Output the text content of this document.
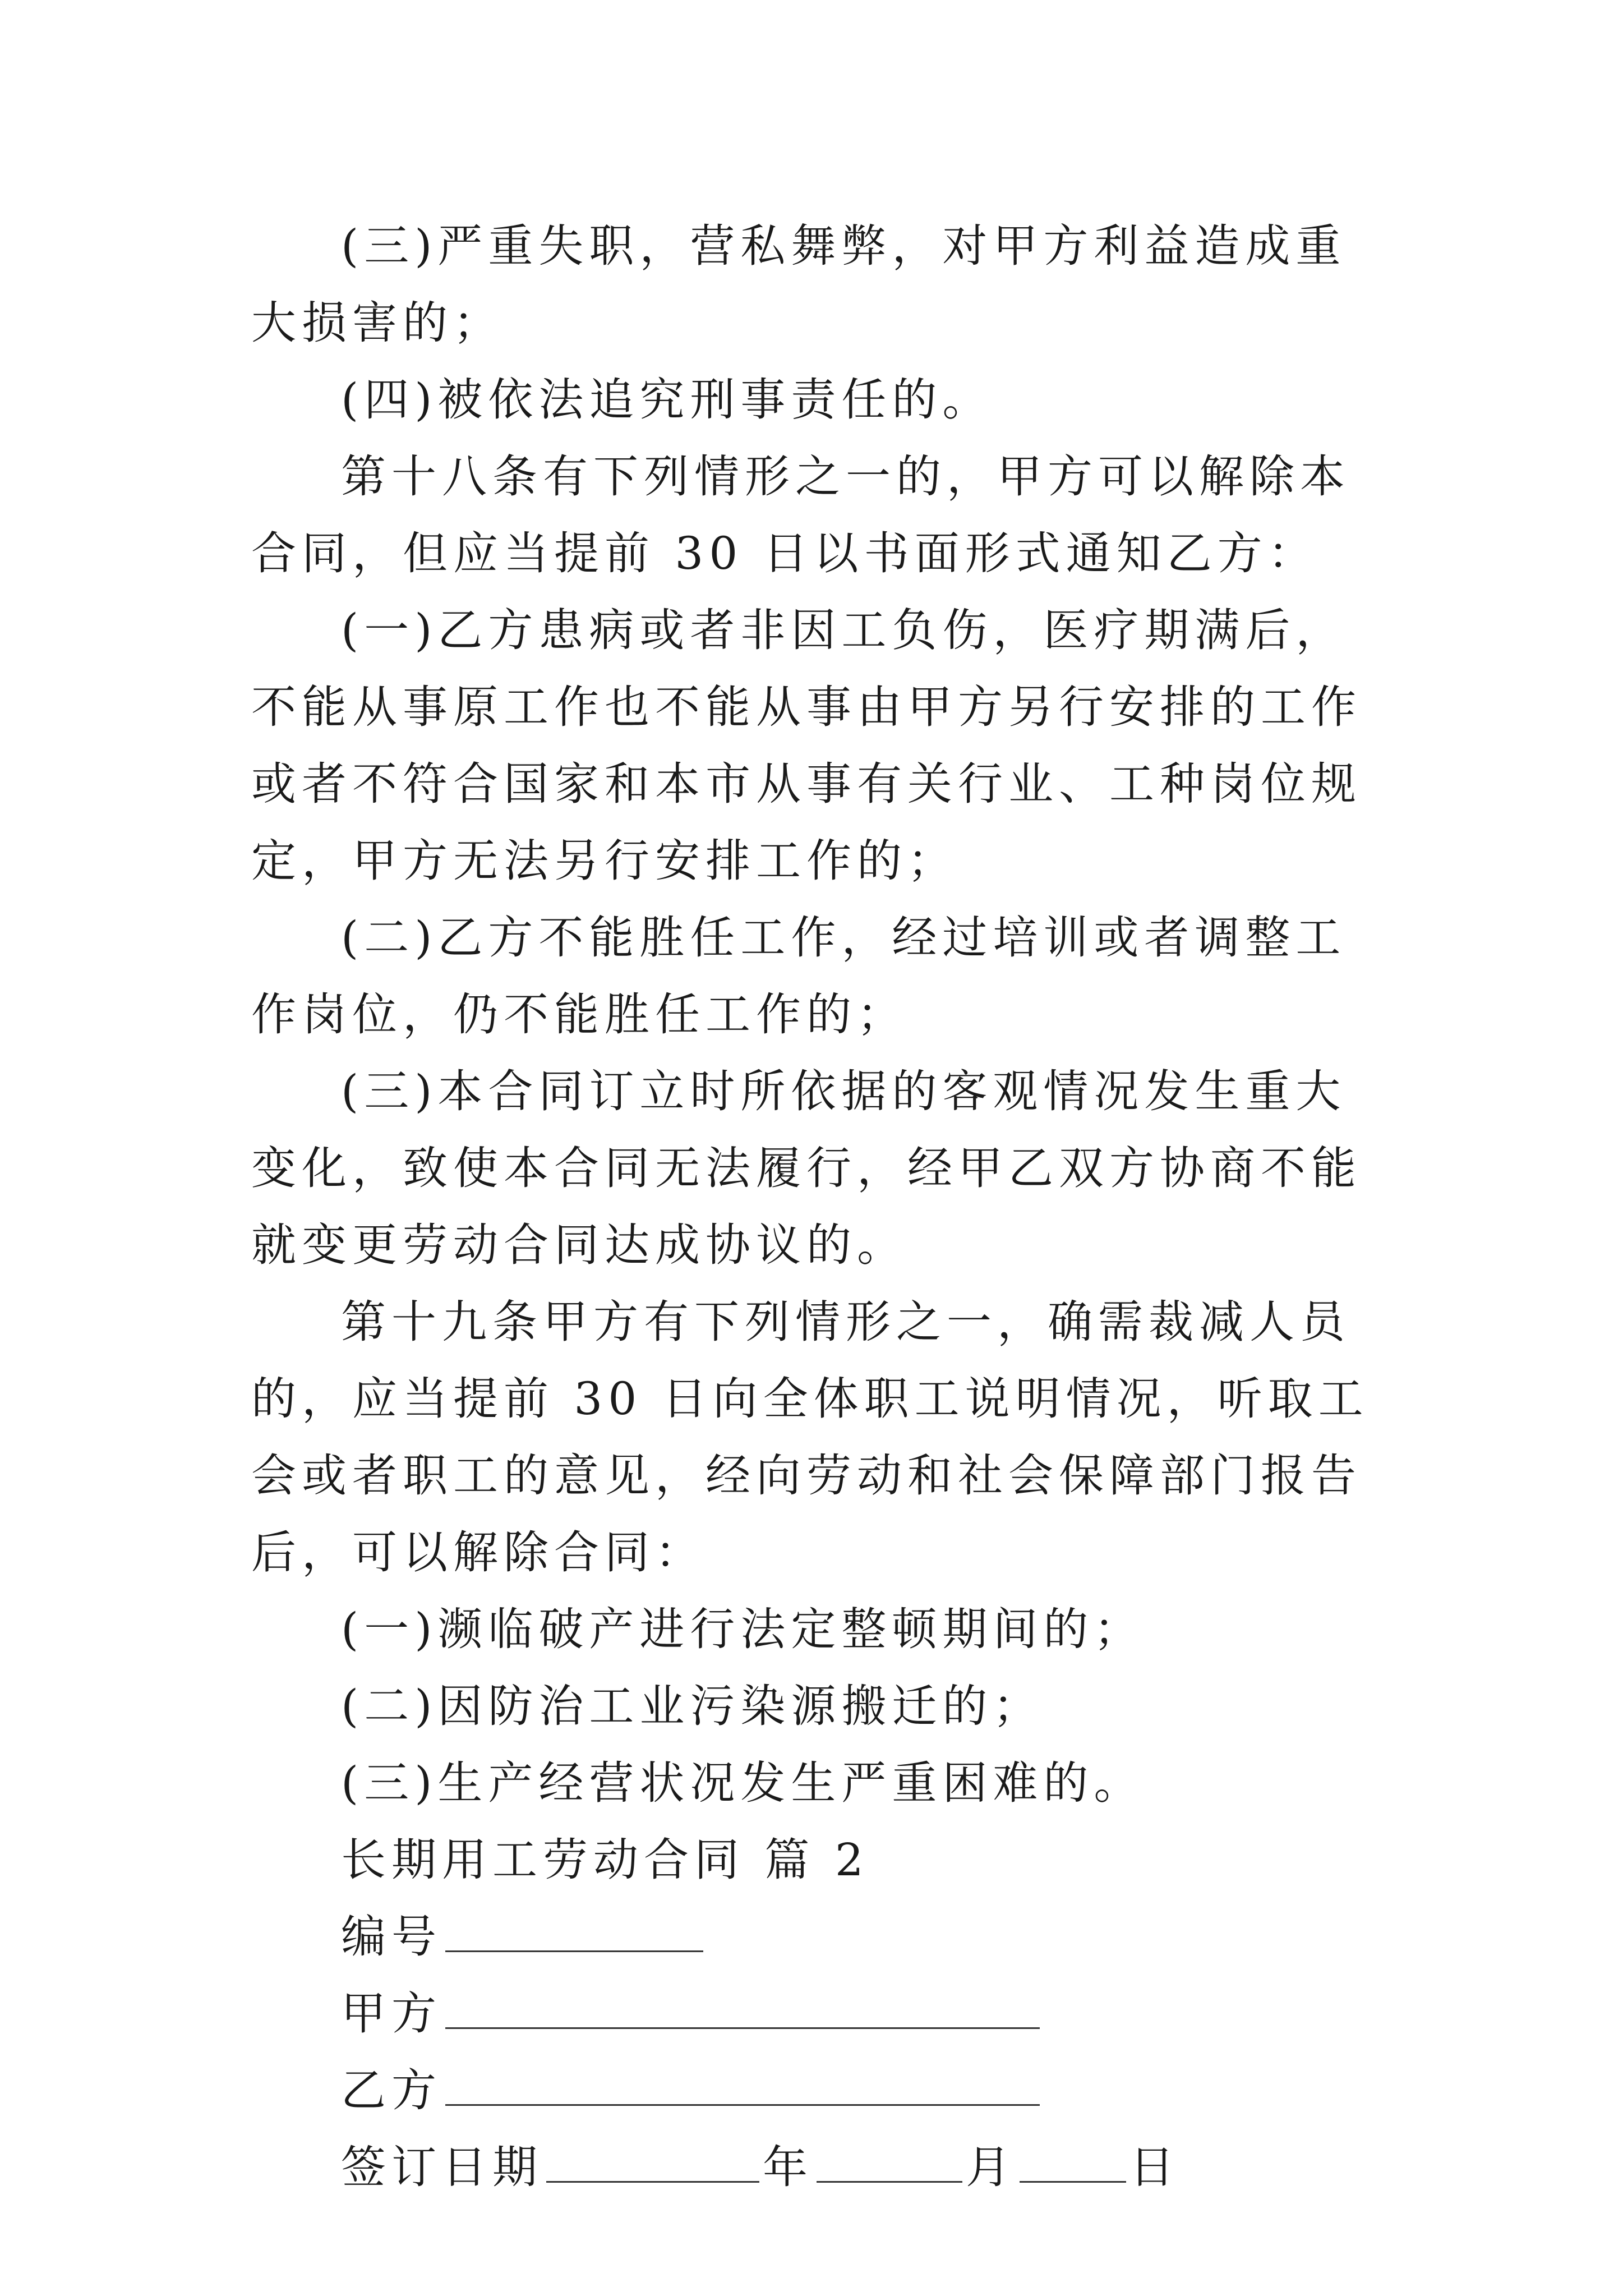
(三)严重失职，营私舞弊，对甲方利益造成重大损害的；

(四)被依法追究刑事责任的。

第十八条有下列情形之一的，甲方可以解除本合同，但应当提前 30 日以书面形式通知乙方：

(一)乙方患病或者非因工负伤，医疗期满后，不能从事原工作也不能从事由甲方另行安排的工作或者不符合国家和本市从事有关行业、工种岗位规定，甲方无法另行安排工作的；

(二)乙方不能胜任工作，经过培训或者调整工作岗位，仍不能胜任工作的；

(三)本合同订立时所依据的客观情况发生重大变化，致使本合同无法履行，经甲乙双方协商不能就变更劳动合同达成协议的。

第十九条甲方有下列情形之一，确需裁减人员的，应当提前 30 日向全体职工说明情况，听取工会或者职工的意见，经向劳动和社会保障部门报告后，可以解除合同：

(一)濒临破产进行法定整顿期间的；

(二)因防治工业污染源搬迁的；

(三)生产经营状况发生严重困难的。

长期用工劳动合同 篇 2

编号

甲方

乙方

签订日期	年	月	日
